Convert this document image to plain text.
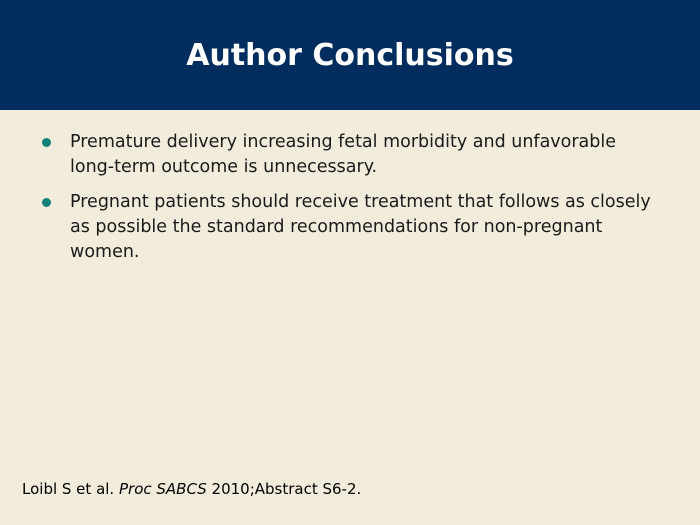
Author Conclusions
Premature delivery increasing fetal morbidity and unfavorable long-term outcome is unnecessary.
Pregnant patients should receive treatment that follows as closely as possible the standard recommendations for non-pregnant women.

Loibl S et al. Proc SABCS 2010;Abstract S6-2.
